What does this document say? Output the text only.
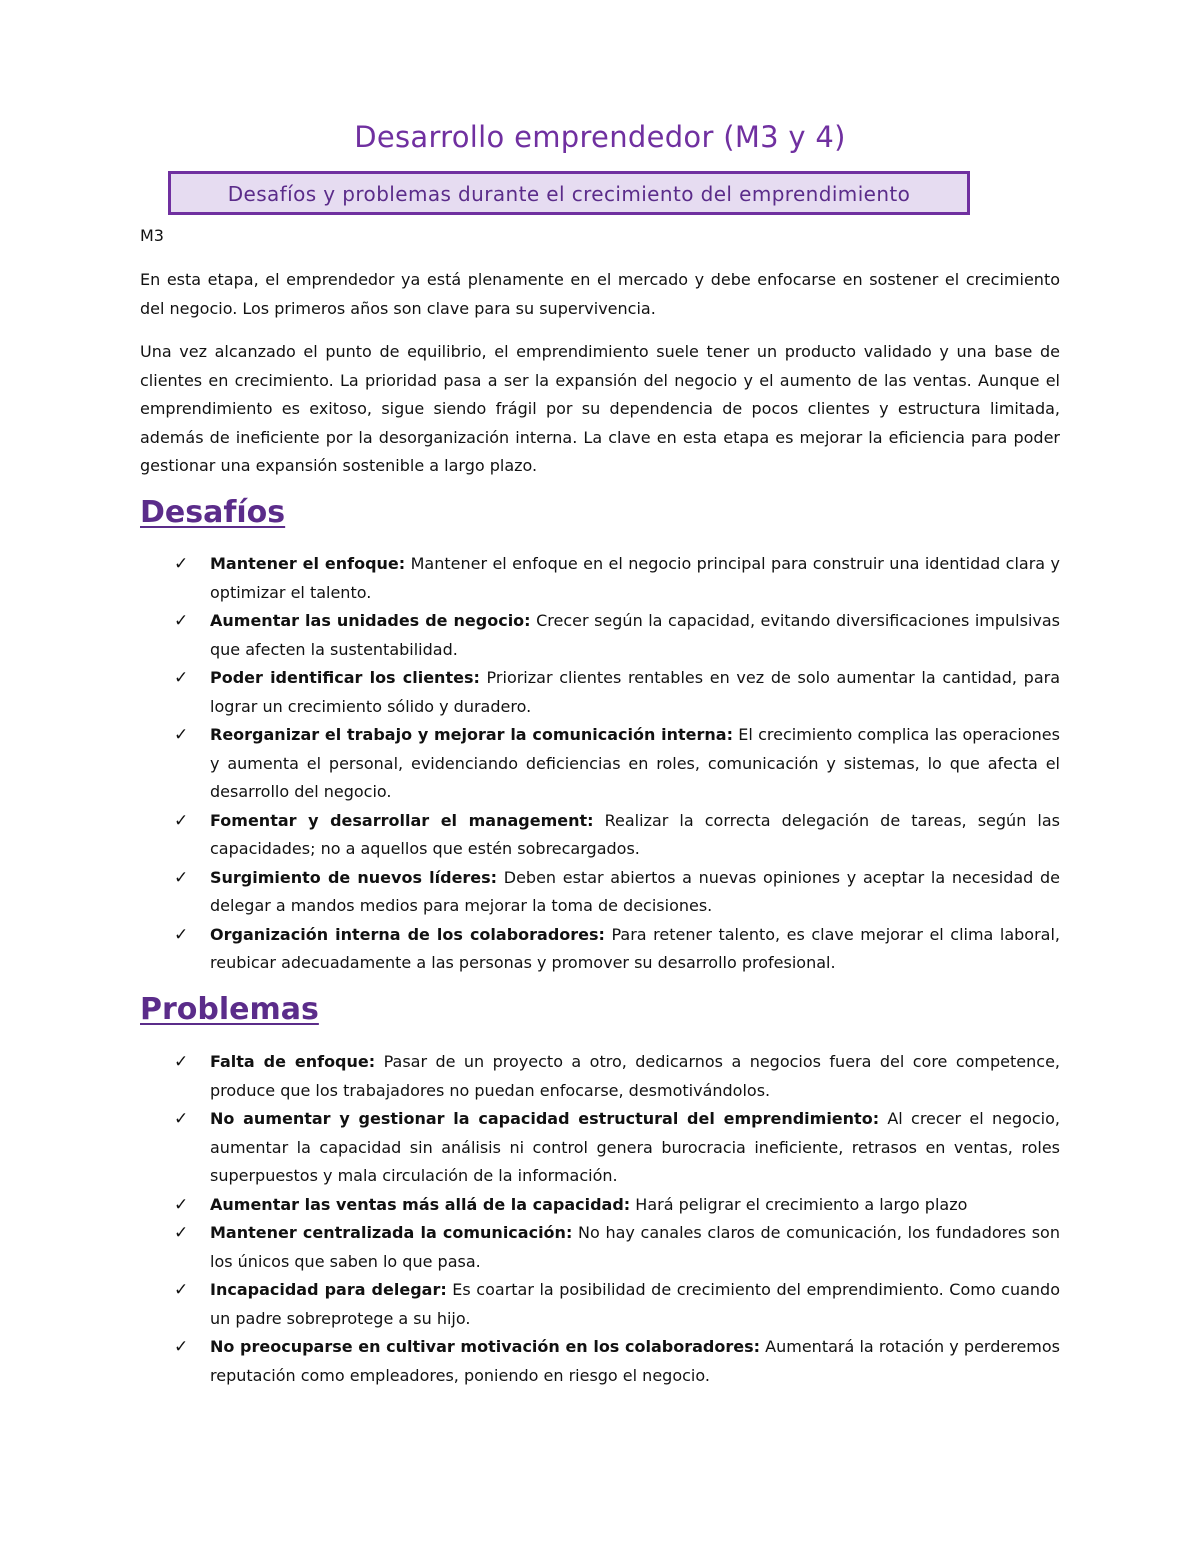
Desarrollo emprendedor (M3 y 4)
Desafíos y problemas durante el crecimiento del emprendimiento
M3
En esta etapa, el emprendedor ya está plenamente en el mercado y debe enfocarse en sostener el crecimiento del negocio. Los primeros años son clave para su supervivencia.
Una vez alcanzado el punto de equilibrio, el emprendimiento suele tener un producto validado y una base de clientes en crecimiento. La prioridad pasa a ser la expansión del negocio y el aumento de las ventas. Aunque el emprendimiento es exitoso, sigue siendo frágil por su dependencia de pocos clientes y estructura limitada, además de ineficiente por la desorganización interna. La clave en esta etapa es mejorar la eficiencia para poder gestionar una expansión sostenible a largo plazo.
Desafíos
✓ Mantener el enfoque: Mantener el enfoque en el negocio principal para construir una identidad clara y optimizar el talento.
✓ Aumentar las unidades de negocio: Crecer según la capacidad, evitando diversificaciones impulsivas que afecten la sustentabilidad.
✓ Poder identificar los clientes: Priorizar clientes rentables en vez de solo aumentar la cantidad, para lograr un crecimiento sólido y duradero.
✓ Reorganizar el trabajo y mejorar la comunicación interna: El crecimiento complica las operaciones y aumenta el personal, evidenciando deficiencias en roles, comunicación y sistemas, lo que afecta el desarrollo del negocio.
✓ Fomentar y desarrollar el management: Realizar la correcta delegación de tareas, según las capacidades; no a aquellos que estén sobrecargados.
✓ Surgimiento de nuevos líderes: Deben estar abiertos a nuevas opiniones y aceptar la necesidad de delegar a mandos medios para mejorar la toma de decisiones.
✓ Organización interna de los colaboradores: Para retener talento, es clave mejorar el clima laboral, reubicar adecuadamente a las personas y promover su desarrollo profesional.
Problemas
✓ Falta de enfoque: Pasar de un proyecto a otro, dedicarnos a negocios fuera del core competence, produce que los trabajadores no puedan enfocarse, desmotivándolos.
✓ No aumentar y gestionar la capacidad estructural del emprendimiento: Al crecer el negocio, aumentar la capacidad sin análisis ni control genera burocracia ineficiente, retrasos en ventas, roles superpuestos y mala circulación de la información.
✓ Aumentar las ventas más allá de la capacidad: Hará peligrar el crecimiento a largo plazo
✓ Mantener centralizada la comunicación: No hay canales claros de comunicación, los fundadores son los únicos que saben lo que pasa.
✓ Incapacidad para delegar: Es coartar la posibilidad de crecimiento del emprendimiento. Como cuando un padre sobreprotege a su hijo.
✓ No preocuparse en cultivar motivación en los colaboradores: Aumentará la rotación y perderemos reputación como empleadores, poniendo en riesgo el negocio.
